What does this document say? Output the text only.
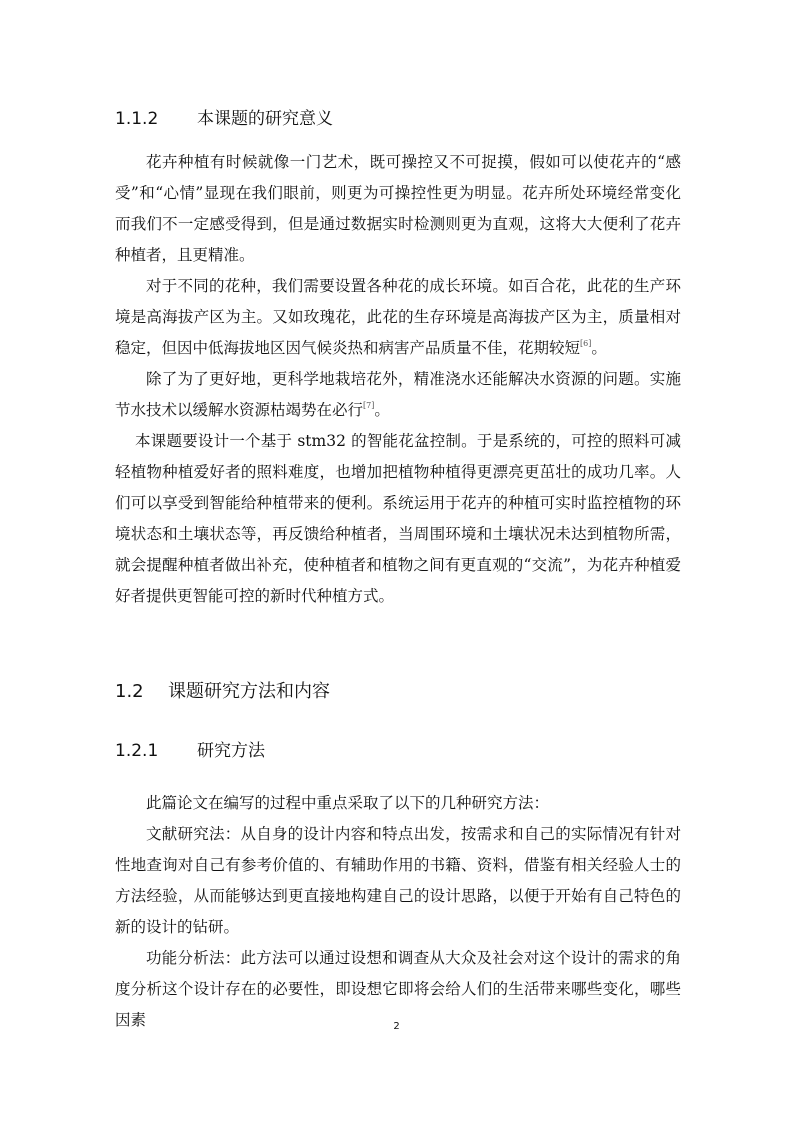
1.1.2 本课题的研究意义

花卉种植有时候就像一门艺术，既可操控又不可捉摸，假如可以使花卉的“感受”和“心情”显现在我们眼前，则更为可操控性更为明显。花卉所处环境经常变化而我们不一定感受得到，但是通过数据实时检测则更为直观，这将大大便利了花卉种植者，且更精准。

对于不同的花种，我们需要设置各种花的成长环境。如百合花，此花的生产环境是高海拔产区为主。又如玫瑰花，此花的生存环境是高海拔产区为主，质量相对稳定，但因中低海拔地区因气候炎热和病害产品质量不佳，花期较短[6]。

除了为了更好地，更科学地栽培花外，精准浇水还能解决水资源的问题。实施节水技术以缓解水资源枯竭势在必行[7]。

本课题要设计一个基于 stm32 的智能花盆控制。于是系统的，可控的照料可减轻植物种植爱好者的照料难度，也增加把植物种植得更漂亮更茁壮的成功几率。人们可以享受到智能给种植带来的便利。系统运用于花卉的种植可实时监控植物的环境状态和土壤状态等，再反馈给种植者，当周围环境和土壤状况未达到植物所需，就会提醒种植者做出补充，使种植者和植物之间有更直观的“交流”，为花卉种植爱好者提供更智能可控的新时代种植方式。

1.2 课题研究方法和内容
1.2.1 研究方法

此篇论文在编写的过程中重点采取了以下的几种研究方法：

文献研究法：从自身的设计内容和特点出发，按需求和自己的实际情况有针对性地查询对自己有参考价值的、有辅助作用的书籍、资料，借鉴有相关经验人士的方法经验，从而能够达到更直接地构建自己的设计思路，以便于开始有自己特色的新的设计的钻研。

功能分析法：此方法可以通过设想和调查从大众及社会对这个设计的需求的角度分析这个设计存在的必要性，即设想它即将会给人们的生活带来哪些变化，哪些因素	2
